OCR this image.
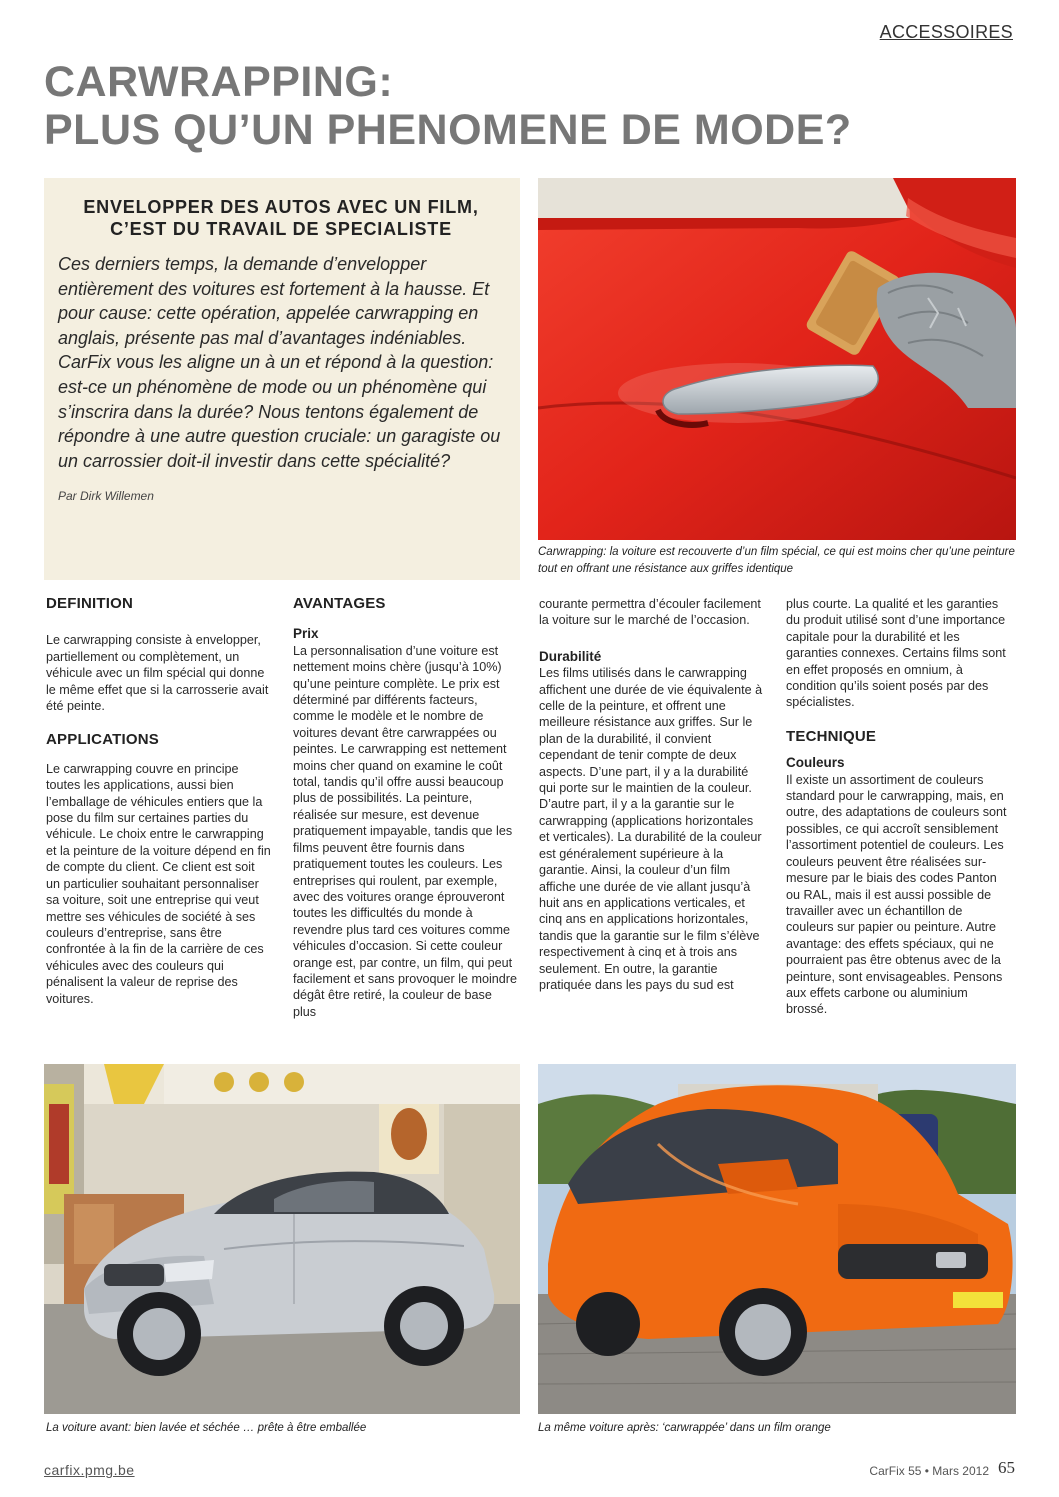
ACCESSOIRES
CARWRAPPING:
PLUS QU’UN PHENOMENE DE MODE?
ENVELOPPER DES AUTOS AVEC UN FILM,
C’EST DU TRAVAIL DE SPECIALISTE
Ces derniers temps, la demande d’envelopper entièrement des voitures est fortement à la hausse. Et pour cause: cette opération, appelée carwrapping en anglais, présente pas mal d’avantages indéniables. CarFix vous les aligne un à un et répond à la question: est-ce un phénomène de mode ou un phénomène qui s’inscrira dans la durée? Nous tentons également de répondre à une autre question cruciale: un garagiste ou un carrossier doit-il investir dans cette spécialité?
Par Dirk Willemen
Carwrapping: la voiture est recouverte d’un film spécial, ce qui est moins cher qu’une peinture tout en offrant une résistance aux griffes identique
DEFINITION

Le carwrapping consiste à envelopper, partiellement ou complètement, un véhicule avec un film spécial qui donne le même effet que si la carrosserie avait été peinte.

APPLICATIONS

Le carwrapping couvre en principe toutes les applications, aussi bien l’emballage de véhicules entiers que la pose du film sur certaines parties du véhicule. Le choix entre le carwrapping et la peinture de la voiture dépend en fin de compte du client. Ce client est soit un particulier souhaitant personnaliser sa voiture, soit une entreprise qui veut mettre ses véhicules de société à ses couleurs d’entreprise, sans être confrontée à la fin de la carrière de ces véhicules avec des couleurs qui pénalisent la valeur de reprise des voitures.

AVANTAGES
Prix

La personnalisation d’une voiture est nettement moins chère (jusqu’à 10%) qu’une peinture complète. Le prix est déterminé par différents facteurs, comme le modèle et le nombre de voitures devant être carwrappées ou peintes. Le carwrapping est nettement moins cher quand on examine le coût total, tandis qu’il offre aussi beaucoup plus de possibilités. La peinture, réalisée sur mesure, est devenue pratiquement impayable, tandis que les films peuvent être fournis dans pratiquement toutes les couleurs. Les entreprises qui roulent, par exemple, avec des voitures orange éprouveront toutes les difficultés du monde à revendre plus tard ces voitures comme véhicules d’occasion. Si cette couleur orange est, par contre, un film, qui peut facilement et sans provoquer le moindre dégât être retiré, la couleur de base plus

courante permettra d’écouler facilement la voiture sur le marché de l’occasion.

Durabilité

Les films utilisés dans le carwrapping affichent une durée de vie équivalente à celle de la peinture, et offrent une meilleure résistance aux griffes. Sur le plan de la durabilité, il convient cependant de tenir compte de deux aspects. D’une part, il y a la durabilité qui porte sur le maintien de la couleur. D’autre part, il y a la garantie sur le carwrapping (applications horizontales et verticales). La durabilité de la couleur est généralement supérieure à la garantie. Ainsi, la couleur d’un film affiche une durée de vie allant jusqu’à huit ans en applications verticales, et cinq ans en applications horizontales, tandis que la garantie sur le film s’élève respectivement à cinq et à trois ans seulement. En outre, la garantie pratiquée dans les pays du sud est

plus courte. La qualité et les garanties du produit utilisé sont d’une importance capitale pour la durabilité et les garanties connexes. Certains films sont en effet proposés en omnium, à condition qu’ils soient posés par des spécialistes.

TECHNIQUE
Couleurs

Il existe un assortiment de couleurs standard pour le carwrapping, mais, en outre, des adaptations de couleurs sont possibles, ce qui accroît sensiblement l’assortiment potentiel de couleurs. Les couleurs peuvent être réalisées sur-mesure par le biais des codes Panton ou RAL, mais il est aussi possible de travailler avec un échantillon de couleurs sur papier ou peinture. Autre avantage: des effets spéciaux, qui ne pourraient pas être obtenus avec de la peinture, sont envisageables. Pensons aux effets carbone ou aluminium brossé.

La voiture avant: bien lavée et séchée … prête à être emballée	La même voiture après: ‘carwrappée’ dans un film orange
carfix.pmg.be	CarFix 55 • Mars 2012 65
